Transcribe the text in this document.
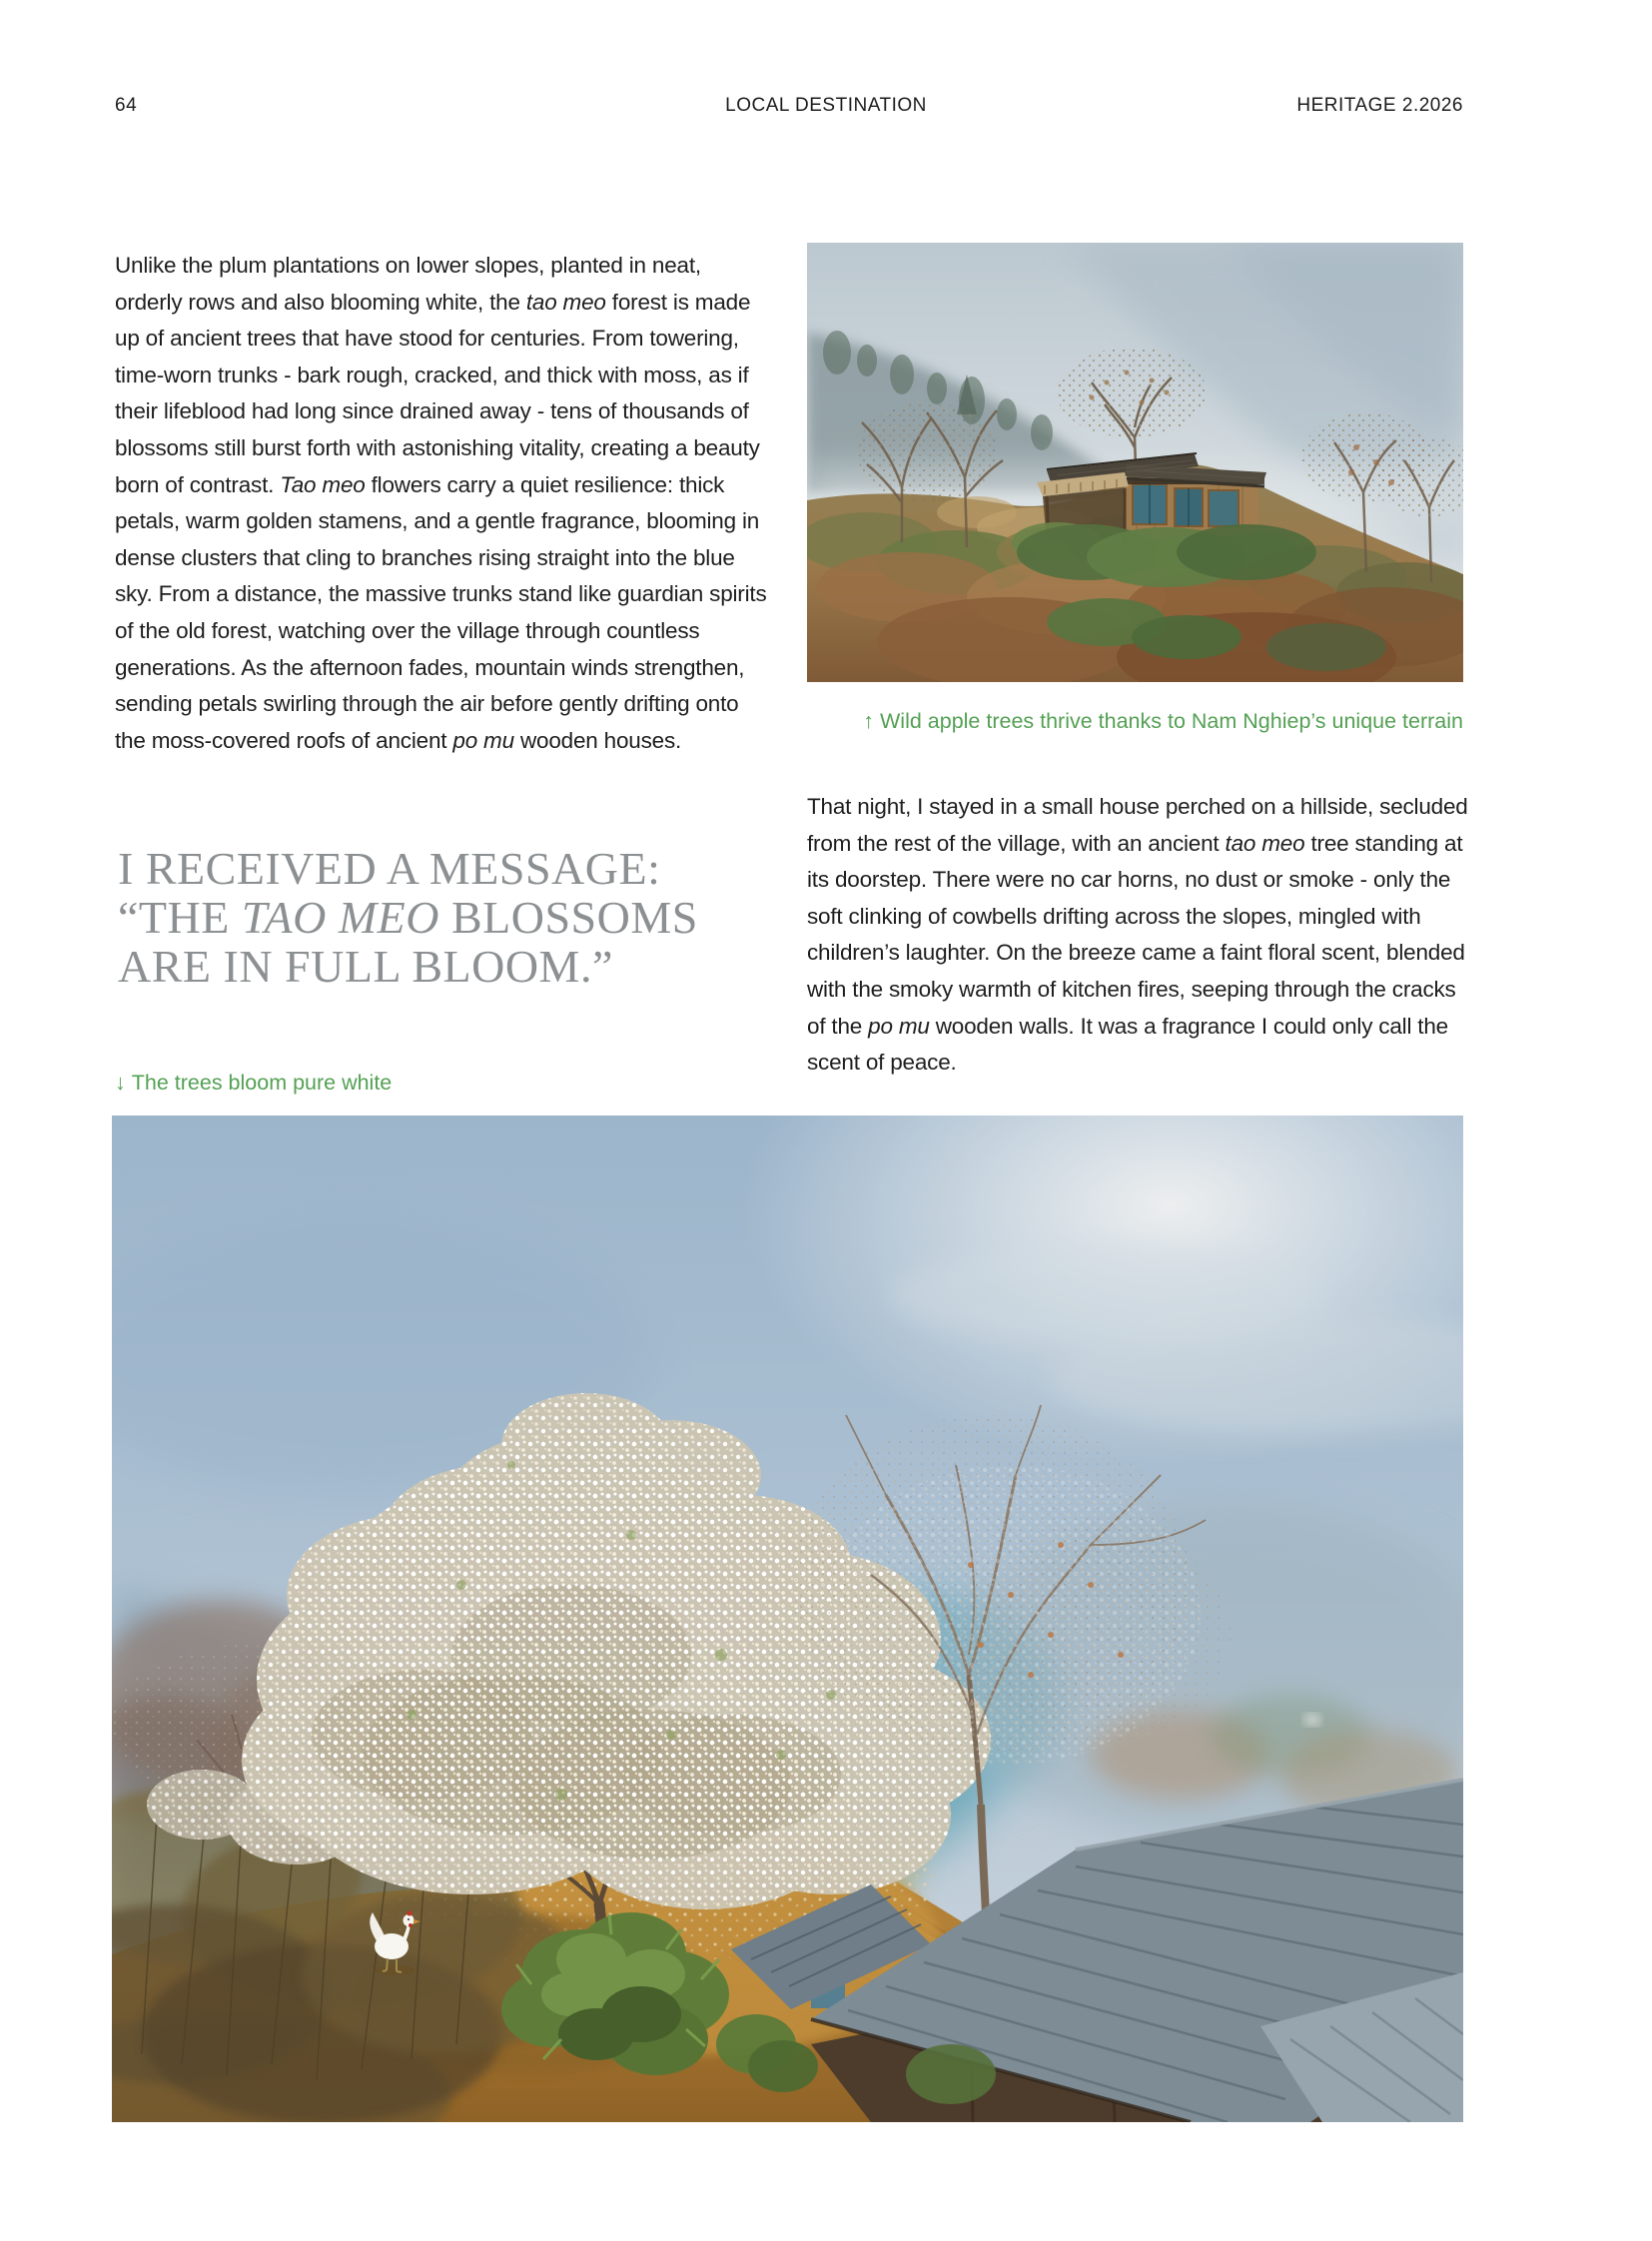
64	LOCAL DESTINATION	HERITAGE 2.2026

Unlike the plum plantations on lower slopes, planted in neat, orderly rows and also blooming white, the tao meo forest is made up of ancient trees that have stood for centuries. From towering, time-worn trunks - bark rough, cracked, and thick with moss, as if their lifeblood had long since drained away - tens of thousands of blossoms still burst forth with astonishing vitality, creating a beauty born of contrast. Tao meo flowers carry a quiet resilience: thick petals, warm golden stamens, and a gentle fragrance, blooming in dense clusters that cling to branches rising straight into the blue sky. From a distance, the massive trunks stand like guardian spirits of the old forest, watching over the village through countless generations. As the afternoon fades, mountain winds strengthen, sending petals swirling through the air before gently drifting onto the moss-covered roofs of ancient po mu wooden houses.

↑ Wild apple trees thrive thanks to Nam Nghiep’s unique terrain

That night, I stayed in a small house perched on a hillside, secluded from the rest of the village, with an ancient tao meo tree standing at its doorstep. There were no car horns, no dust or smoke - only the soft clinking of cowbells drifting across the slopes, mingled with children’s laughter. On the breeze came a faint floral scent, blended with the smoky warmth of kitchen fires, seeping through the cracks of the po mu wooden walls. It was a fragrance I could only call the scent of peace.

I RECEIVED A MESSAGE:
“THE TAO MEO BLOSSOMS
ARE IN FULL BLOOM.”
↓ The trees bloom pure white
